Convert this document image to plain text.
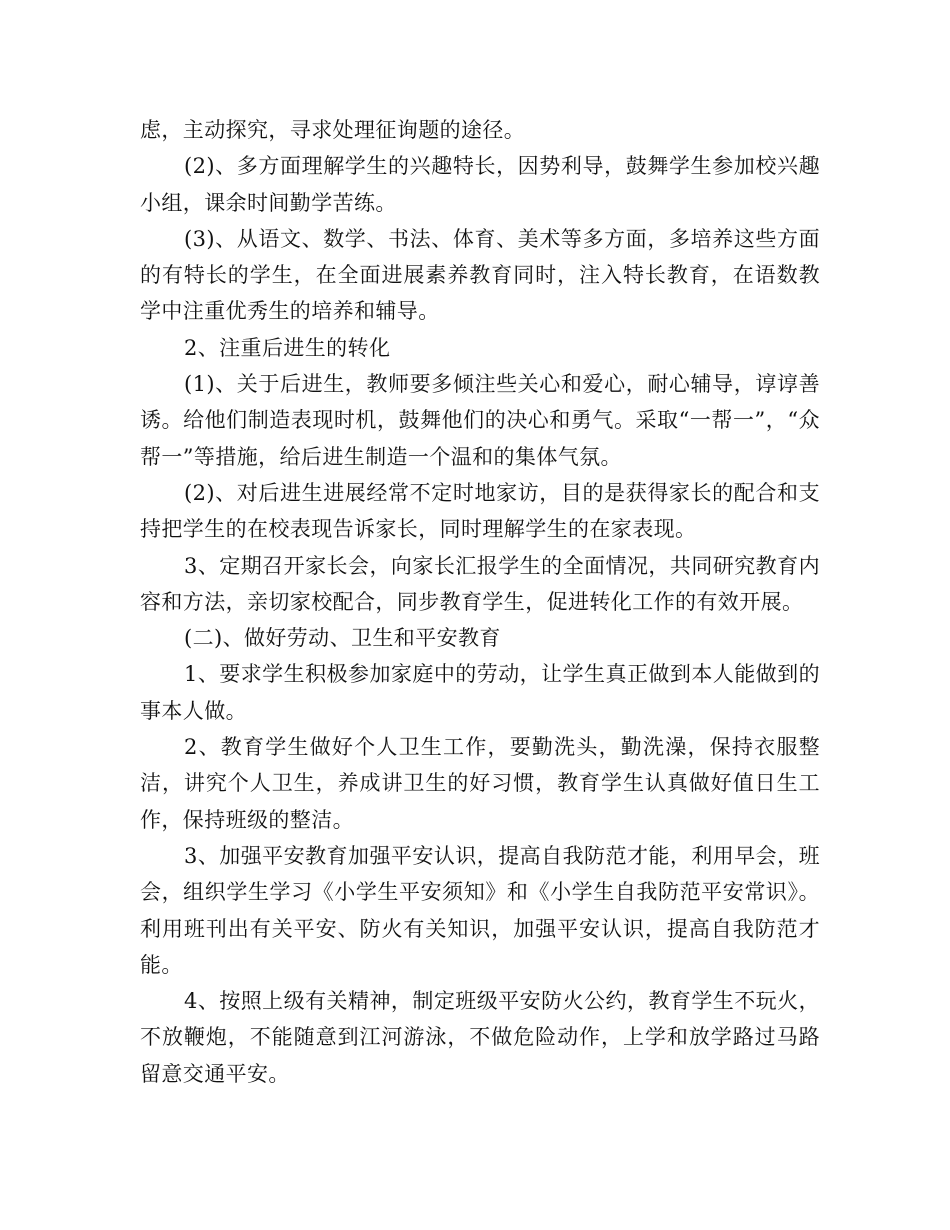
虑，主动探究，寻求处理征询题的途径。

(2)、多方面理解学生的兴趣特长，因势利导，鼓舞学生参加校兴趣小组，课余时间勤学苦练。

(3)、从语文、数学、书法、体育、美术等多方面，多培养这些方面的有特长的学生，在全面进展素养教育同时，注入特长教育，在语数教学中注重优秀生的培养和辅导。

2、注重后进生的转化

(1)、关于后进生，教师要多倾注些关心和爱心，耐心辅导，谆谆善诱。给他们制造表现时机，鼓舞他们的决心和勇气。采取“一帮一”，“众帮一”等措施，给后进生制造一个温和的集体气氛。

(2)、对后进生进展经常不定时地家访，目的是获得家长的配合和支持把学生的在校表现告诉家长，同时理解学生的在家表现。

3、定期召开家长会，向家长汇报学生的全面情况，共同研究教育内容和方法，亲切家校配合，同步教育学生，促进转化工作的有效开展。

(二)、做好劳动、卫生和平安教育

1、要求学生积极参加家庭中的劳动，让学生真正做到本人能做到的事本人做。

2、教育学生做好个人卫生工作，要勤洗头，勤洗澡，保持衣服整洁，讲究个人卫生，养成讲卫生的好习惯，教育学生认真做好值日生工作，保持班级的整洁。

3、加强平安教育加强平安认识，提高自我防范才能，利用早会，班会，组织学生学习《小学生平安须知》和《小学生自我防范平安常识》。利用班刊出有关平安、防火有关知识，加强平安认识，提高自我防范才能。

4、按照上级有关精神，制定班级平安防火公约，教育学生不玩火，不放鞭炮，不能随意到江河游泳，不做危险动作，上学和放学路过马路留意交通平安。
